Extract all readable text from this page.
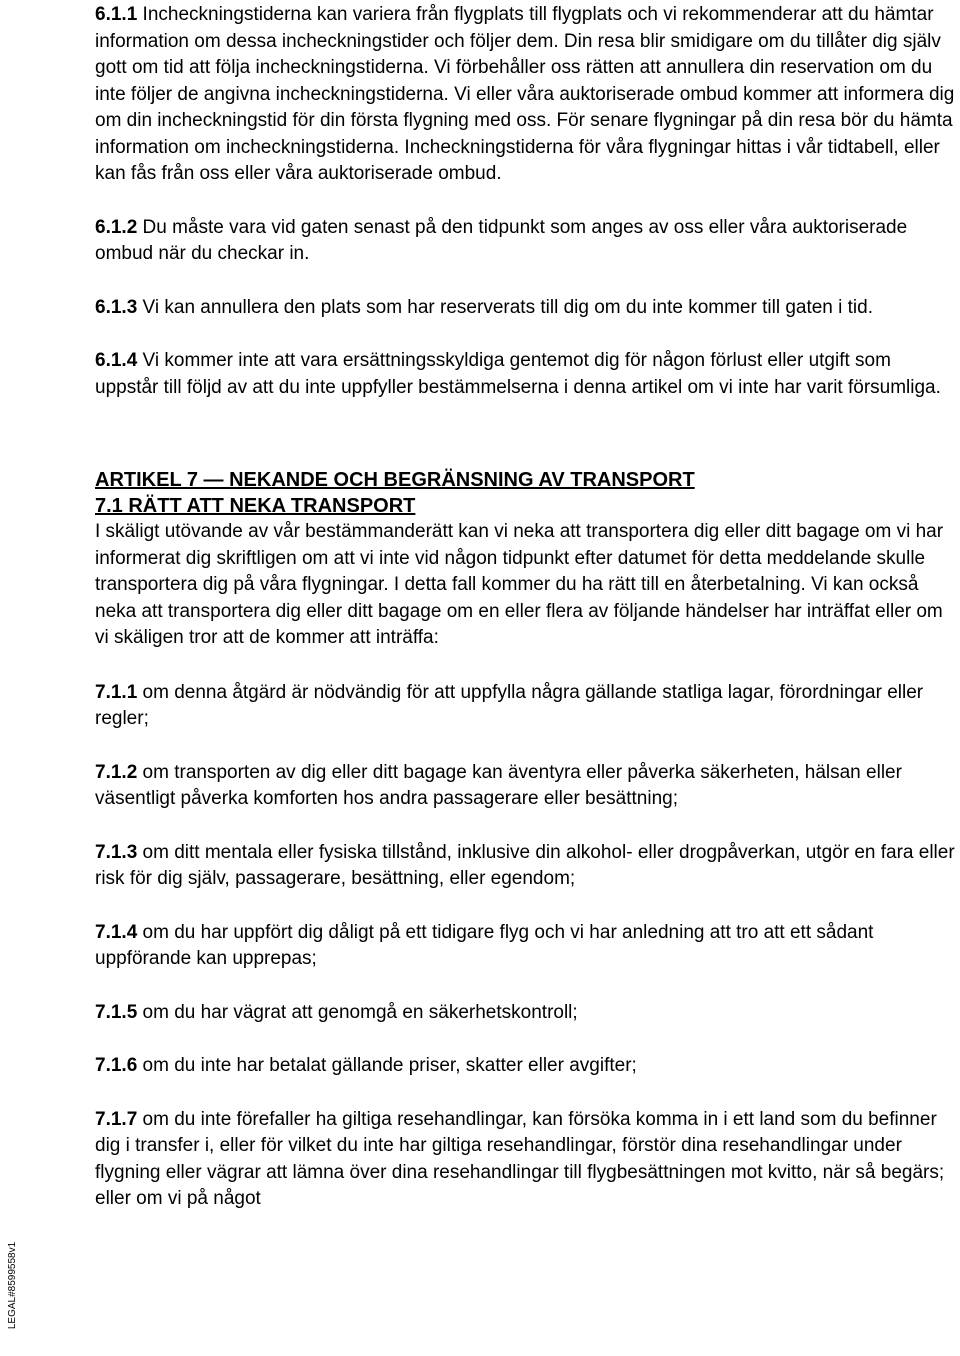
6.1.1 Incheckningstiderna kan variera från flygplats till flygplats och vi rekommenderar att du hämtar information om dessa incheckningstider och följer dem. Din resa blir smidigare om du tillåter dig själv gott om tid att följa incheckningstiderna. Vi förbehåller oss rätten att annullera din reservation om du inte följer de angivna incheckningstiderna. Vi eller våra auktoriserade ombud kommer att informera dig om din incheckningstid för din första flygning med oss. För senare flygningar på din resa bör du hämta information om incheckningstiderna. Incheckningstiderna för våra flygningar hittas i vår tidtabell, eller kan fås från oss eller våra auktoriserade ombud.

6.1.2 Du måste vara vid gaten senast på den tidpunkt som anges av oss eller våra auktoriserade ombud när du checkar in.

6.1.3 Vi kan annullera den plats som har reserverats till dig om du inte kommer till gaten i tid.

6.1.4 Vi kommer inte att vara ersättningsskyldiga gentemot dig för någon förlust eller utgift som uppstår till följd av att du inte uppfyller bestämmelserna i denna artikel om vi inte har varit försumliga.

ARTIKEL 7 — NEKANDE OCH BEGRÄNSNING AV TRANSPORT
7.1 RÄTT ATT NEKA TRANSPORT

I skäligt utövande av vår bestämmanderätt kan vi neka att transportera dig eller ditt bagage om vi har informerat dig skriftligen om att vi inte vid någon tidpunkt efter datumet för detta meddelande skulle transportera dig på våra flygningar. I detta fall kommer du ha rätt till en återbetalning. Vi kan också neka att transportera dig eller ditt bagage om en eller flera av följande händelser har inträffat eller om vi skäligen tror att de kommer att inträffa:

7.1.1 om denna åtgärd är nödvändig för att uppfylla några gällande statliga lagar, förordningar eller regler;

7.1.2 om transporten av dig eller ditt bagage kan äventyra eller påverka säkerheten, hälsan eller väsentligt påverka komforten hos andra passagerare eller besättning;

7.1.3 om ditt mentala eller fysiska tillstånd, inklusive din alkohol- eller drogpåverkan, utgör en fara eller risk för dig själv, passagerare, besättning, eller egendom;

7.1.4 om du har uppfört dig dåligt på ett tidigare flyg och vi har anledning att tro att ett sådant uppförande kan upprepas;

7.1.5 om du har vägrat att genomgå en säkerhetskontroll;

7.1.6 om du inte har betalat gällande priser, skatter eller avgifter;

7.1.7 om du inte förefaller ha giltiga resehandlingar, kan försöka komma in i ett land som du befinner dig i transfer i, eller för vilket du inte har giltiga resehandlingar, förstör dina resehandlingar under flygning eller vägrar att lämna över dina resehandlingar till flygbesättningen mot kvitto, när så begärs; eller om vi på något

LEGAL#8599558v1
